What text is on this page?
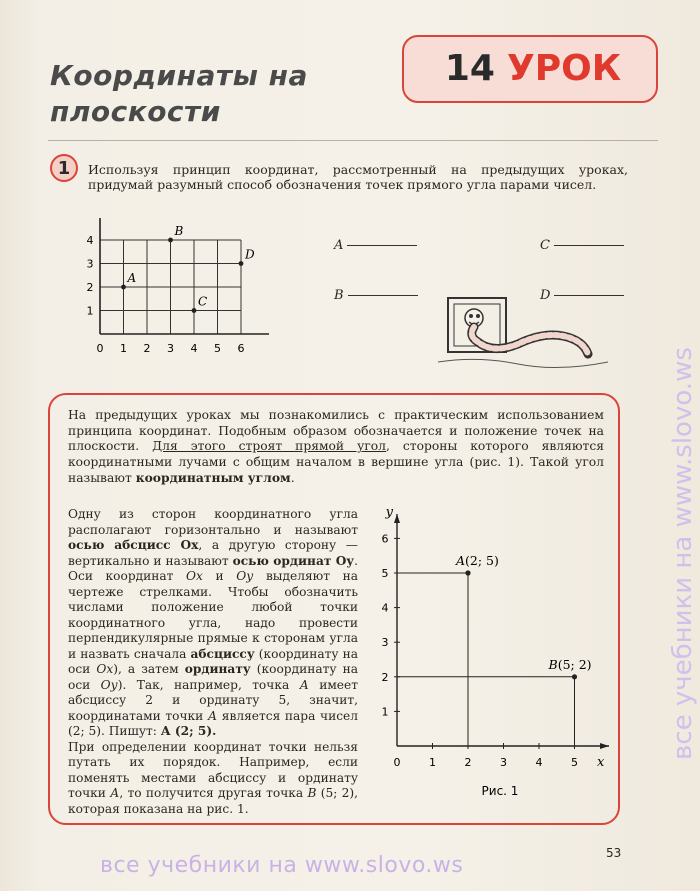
Координаты на
плоскости
14 УРОК
1	Используя принцип координат, рассмотренный на предыдущих уроках, придумай разумный способ обозначения точек прямого угла парами чисел.
0 1 2 3 4 5 6
1
2
3
4
A
B
C
D
A
B
C
D
На предыдущих уроках мы познакомились с практическим использованием принципа координат. Подобным образом обозначается и положение точек на плоскости. Для этого строят прямой угол, стороны которого являются координатными лучами с общим началом в вершине угла (рис. 1). Такой угол называют координатным углом.
Одну из сторон координатного угла располагают горизонтально и называют осью абсцисс Ох, а другую сторону — вертикально и называют осью ординат Оу. Оси координат Ох и Оу выделяют на чертеже стрелками. Чтобы обозначить числами положение любой точки координатного угла, надо провести перпендикулярные прямые к сторонам угла и назвать сначала абсциссу (координату на оси Ох), а затем ординату (координату на оси Оу). Так, например, точка А имеет абсциссу 2 и ординату 5, значит, координатами точки А является пара чисел (2; 5). Пишут: А (2; 5).
При определении координат точки нельзя путать их порядок. Например, если поменять местами абсциссу и ординату точки А, то получится другая точка В (5; 2), которая показана на рис. 1.
y
x
0	1	2	3	4	5
1
2
3
4
5
6
A(2; 5)
B(5; 2)
Рис. 1
53
все учебники на www.slovo.ws
все учебники на www.slovo.ws
